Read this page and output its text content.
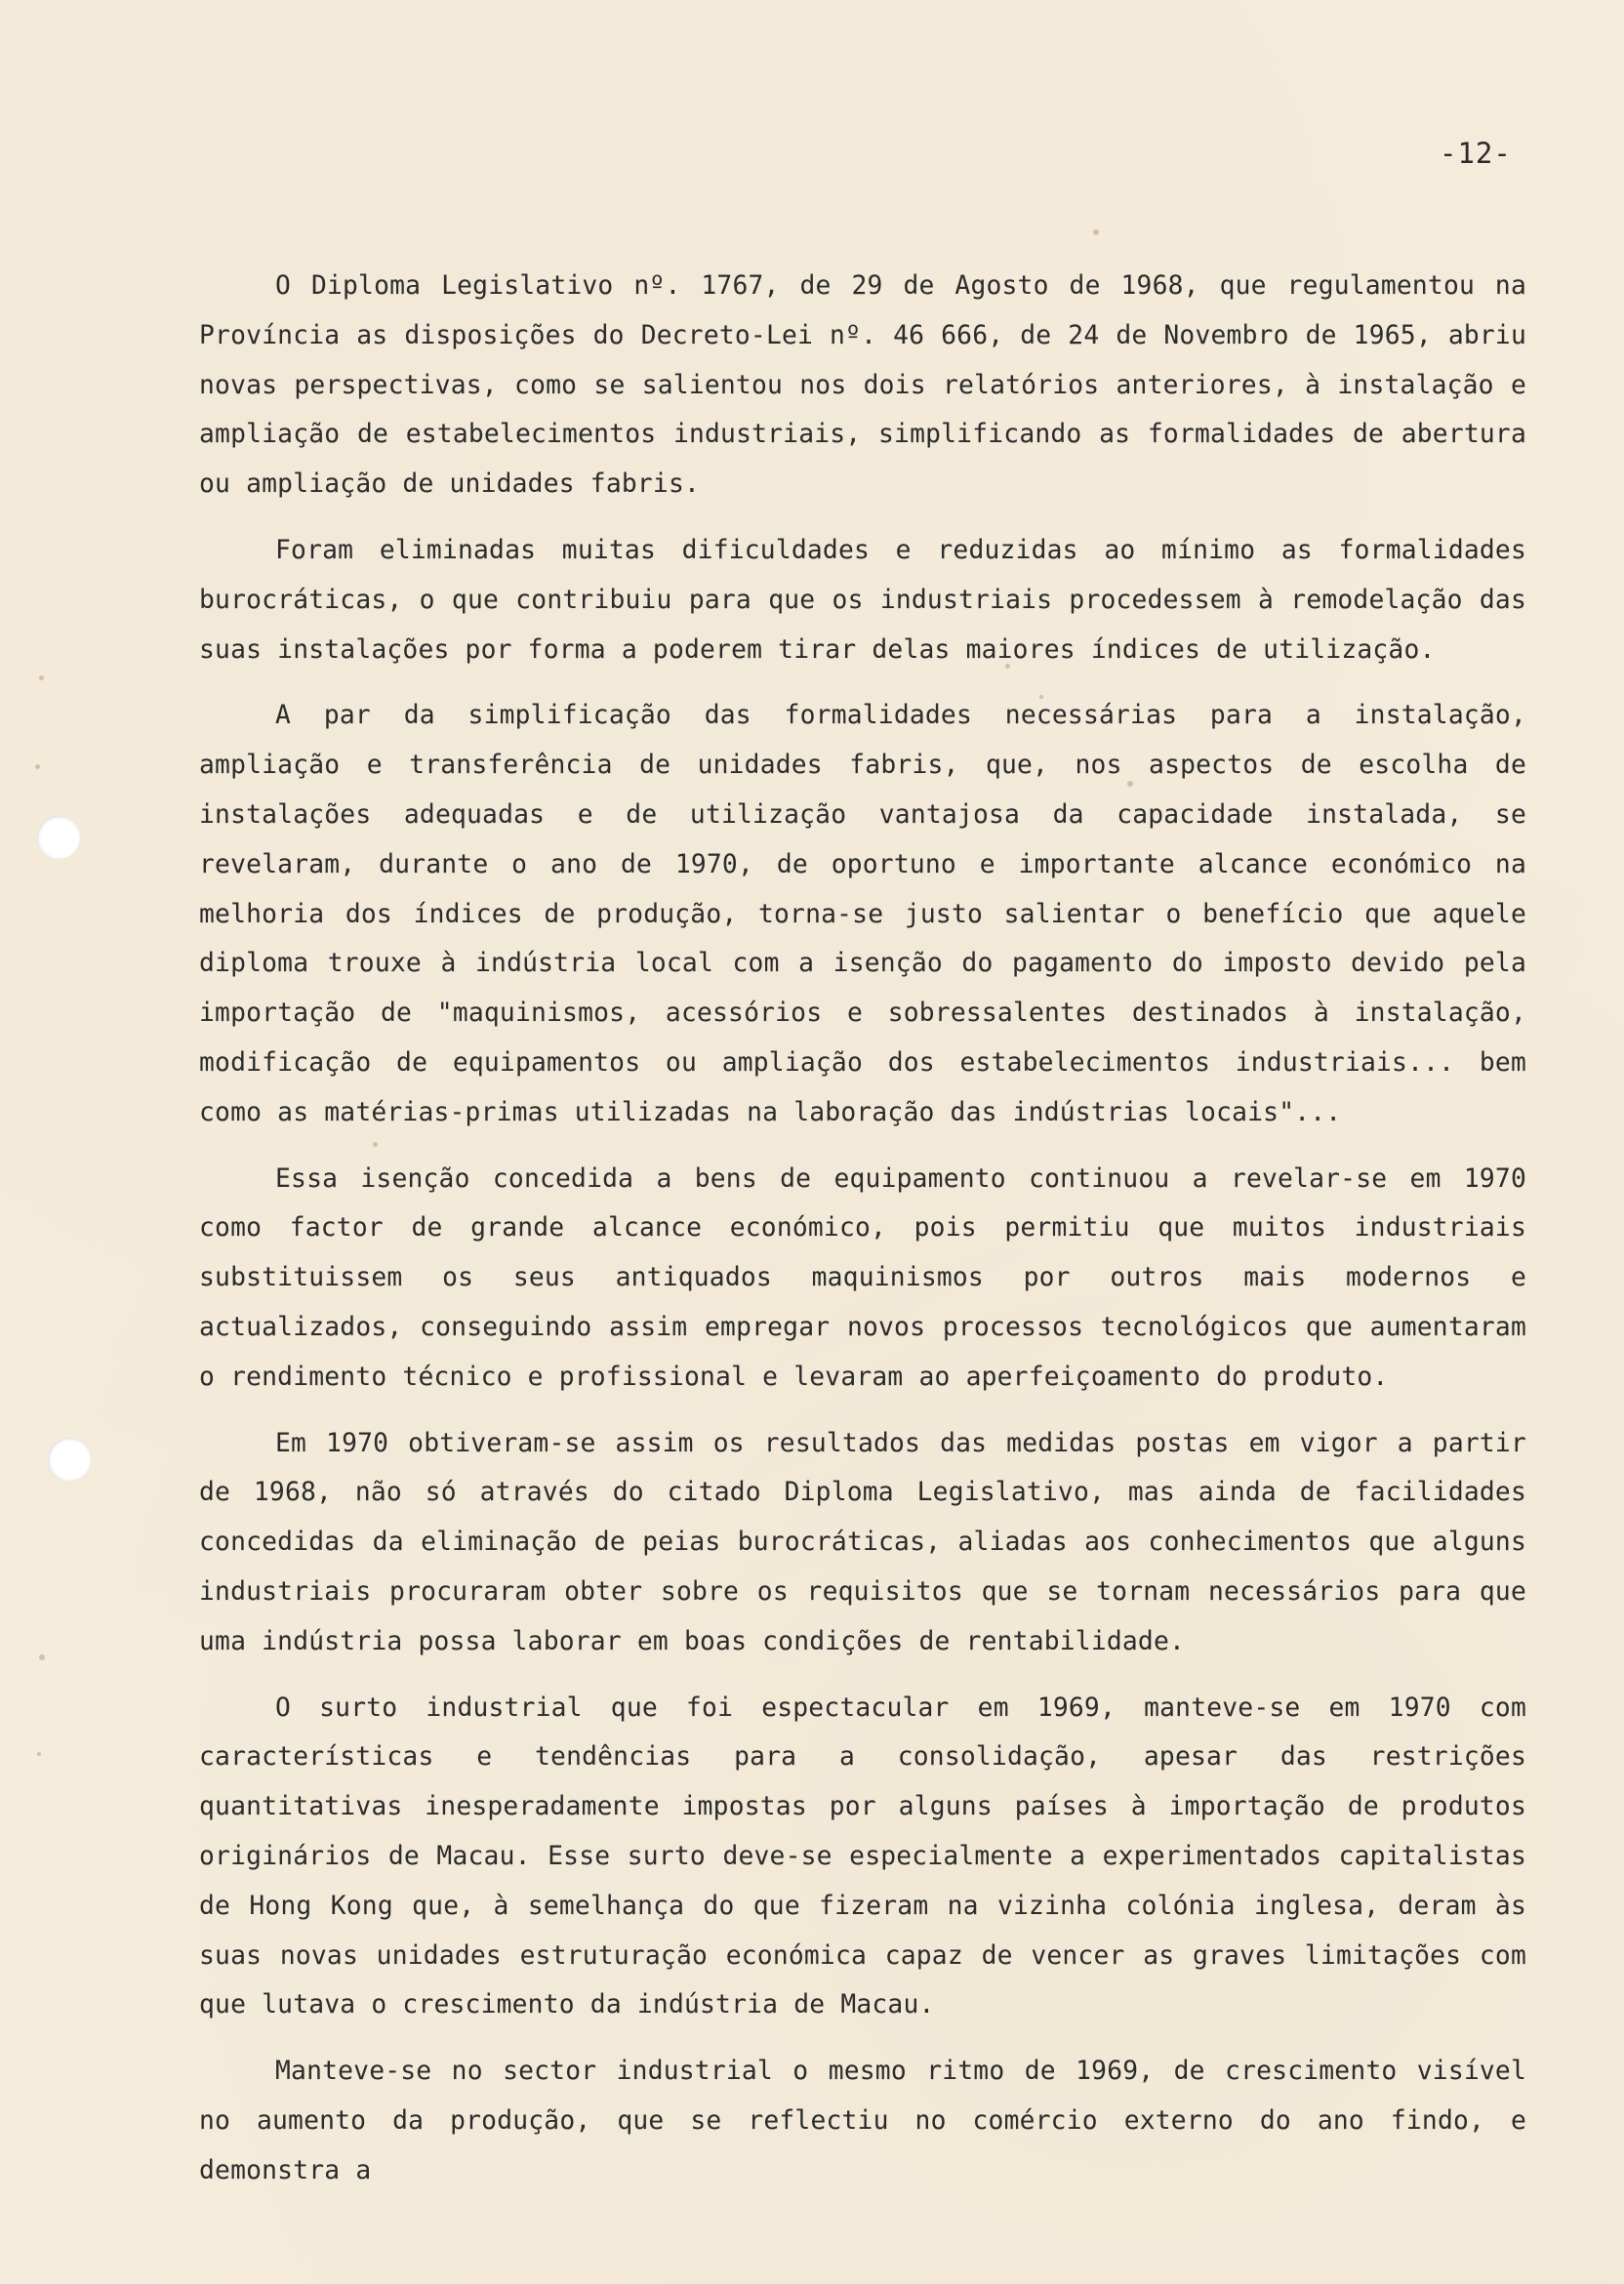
-12-

O Diploma Legislativo nº. 1767, de 29 de Agosto de 1968, que regulamentou na Província as disposições do Decreto-Lei nº. 46 666, de 24 de Novembro de 1965, abriu novas perspectivas, como se salientou nos dois relatórios anteriores, à instalação e ampliação de estabelecimentos industriais, simplificando as formalidades de abertura ou ampliação de unidades fabris.

Foram eliminadas muitas dificuldades e reduzidas ao mínimo as formalidades burocráticas, o que contribuiu para que os industriais procedessem à remodelação das suas instalações por forma a poderem tirar delas maiores índices de utilização.

A par da simplificação das formalidades necessárias para a instalação, ampliação e transferência de unidades fabris, que, nos aspectos de escolha de instalações adequadas e de utilização vantajosa da capacidade instalada, se revelaram, durante o ano de 1970, de oportuno e importante alcance económico na melhoria dos índices de produção, torna-se justo salientar o benefício que aquele diploma trouxe à indústria local com a isenção do pagamento do imposto devido pela importação de "maquinismos, acessórios e sobressalentes destinados à instalação, modificação de equipamentos ou ampliação dos estabelecimentos industriais... bem como as matérias-primas utilizadas na laboração das indústrias locais"...

Essa isenção concedida a bens de equipamento continuou a revelar-se em 1970 como factor de grande alcance económico, pois permitiu que muitos industriais substituissem os seus antiquados maquinismos por outros mais modernos e actualizados, conseguindo assim empregar novos processos tecnológicos que aumentaram o rendimento técnico e profissional e levaram ao aperfeiçoamento do produto.

Em 1970 obtiveram-se assim os resultados das medidas postas em vigor a partir de 1968, não só através do citado Diploma Legislativo, mas ainda de facilidades concedidas da eliminação de peias burocráticas, aliadas aos conhecimentos que alguns industriais procuraram obter sobre os requisitos que se tornam necessários para que uma indústria possa laborar em boas condições de rentabilidade.

O surto industrial que foi espectacular em 1969, manteve-se em 1970 com características e tendências para a consolidação, apesar das restrições quantitativas inesperadamente impostas por alguns países à importação de produtos originários de Macau. Esse surto deve-se especialmente a experimentados capitalistas de Hong Kong que, à semelhança do que fizeram na vizinha colónia inglesa, deram às suas novas unidades estruturação económica capaz de vencer as graves limitações com que lutava o crescimento da indústria de Macau.

Manteve-se no sector industrial o mesmo ritmo de 1969, de crescimento visível no aumento da produção, que se reflectiu no comércio externo do ano findo, e demonstra a
